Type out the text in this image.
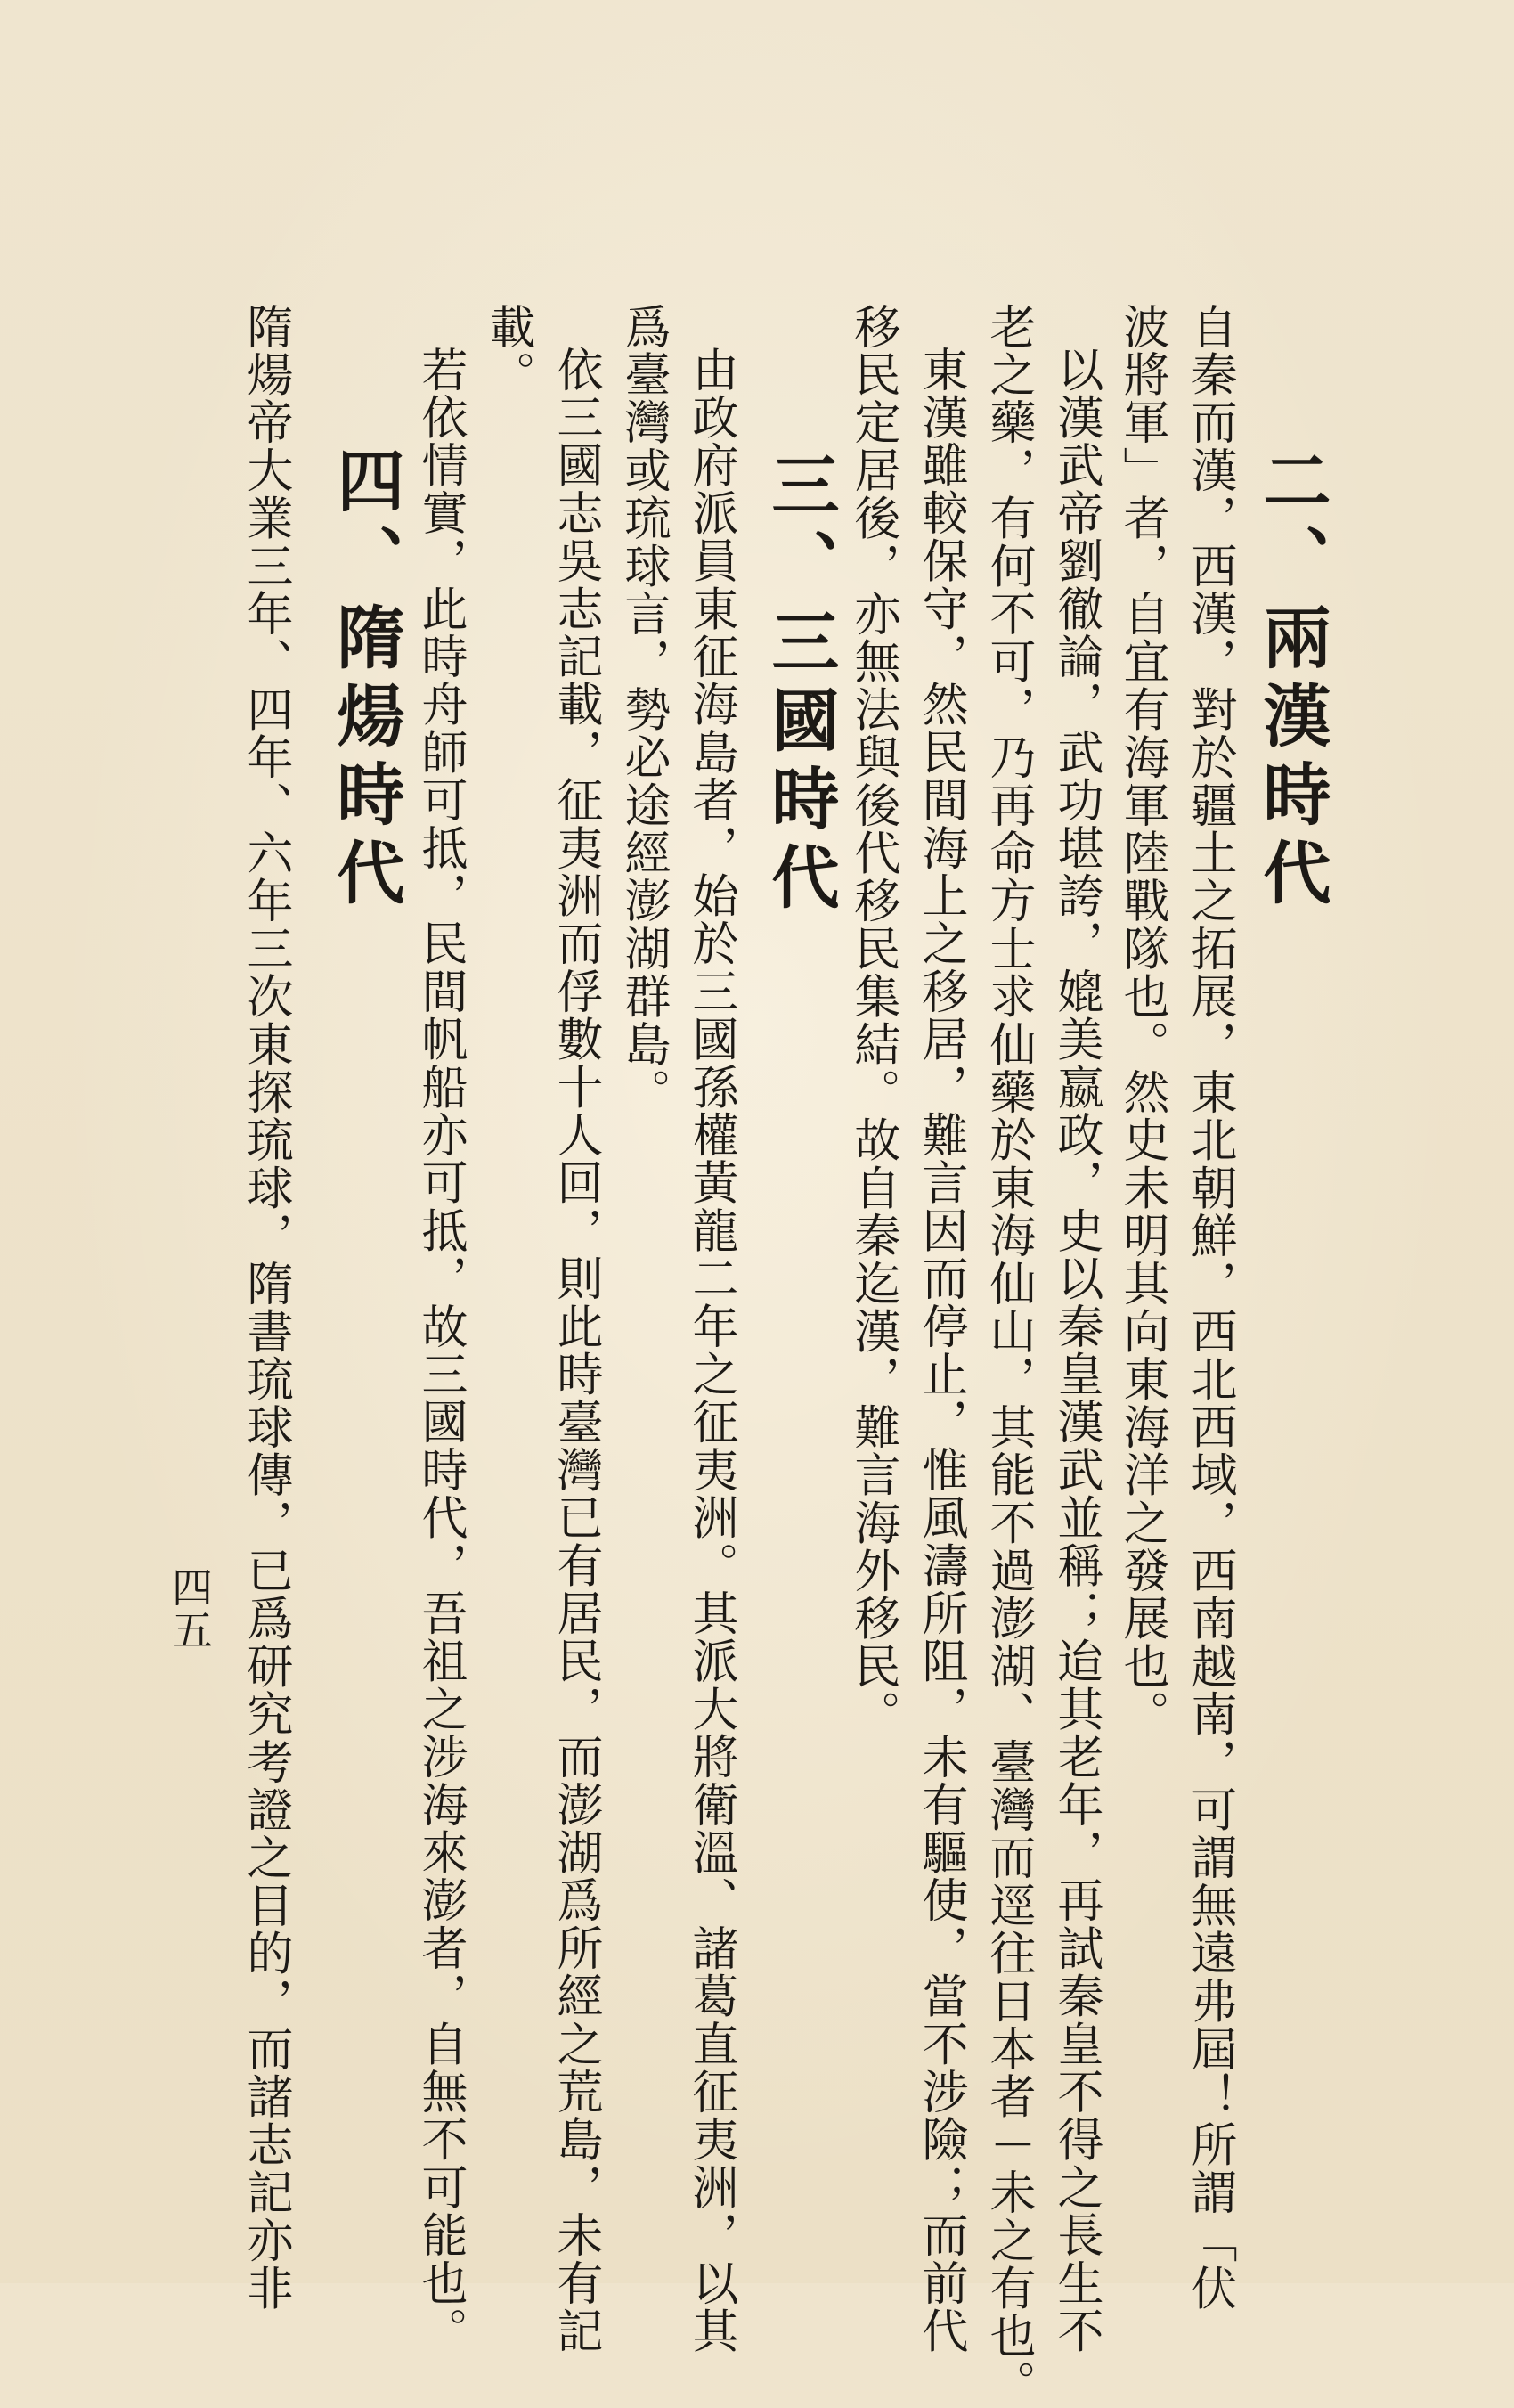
二、兩漢時代
自秦而漢，西漢，對於疆土之拓展，東北朝鮮，西北西域，西南越南，可謂無遠弗屆！所謂「伏
波將軍」者，自宜有海軍陸戰隊也。然史未明其向東海洋之發展也。
以漢武帝劉徹論，武功堪誇，媲美嬴政，史以秦皇漢武並稱；迨其老年，再試秦皇不得之長生不
老之藥，有何不可，乃再命方士求仙藥於東海仙山，其能不過澎湖、臺灣而逕往日本者－未之有也。
東漢雖較保守，然民間海上之移居，難言因而停止，惟風濤所阻，未有驅使，當不涉險；而前代
移民定居後，亦無法與後代移民集結。故自秦迄漢，難言海外移民。
三、三國時代
由政府派員東征海島者，始於三國孫權黃龍二年之征夷洲。其派大將衛溫、諸葛直征夷洲，以其
爲臺灣或琉球言，勢必途經澎湖群島。
依三國志吳志記載，征夷洲而俘數十人回，則此時臺灣已有居民，而澎湖爲所經之荒島，未有記
載。
若依情實，此時舟師可抵，民間帆船亦可抵，故三國時代，吾祖之涉海來澎者，自無不可能也。
四、隋煬時代
隋煬帝大業三年、四年、六年三次東探琉球，隋書琉球傳，已爲研究考證之目的，而諸志記亦非
四五
